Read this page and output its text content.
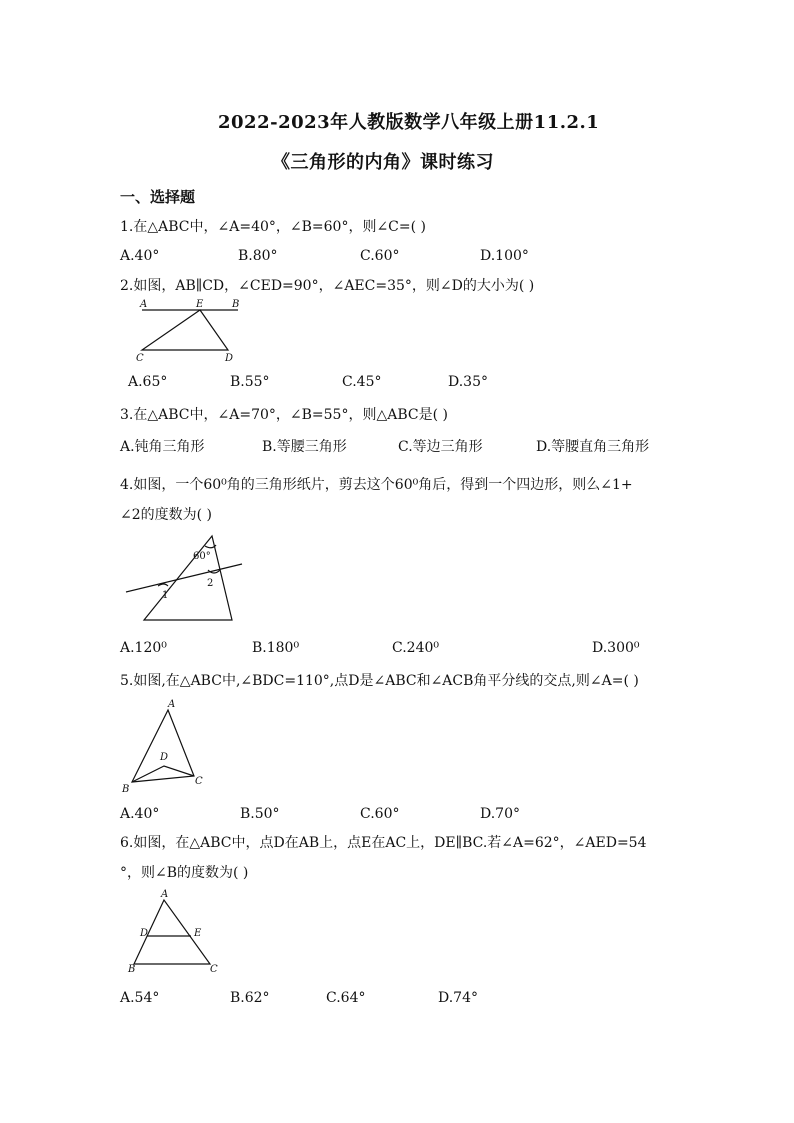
2022-2023年人教版数学八年级上册11.2.1
《三角形的内角》课时练习
一、选择题
1.在△ABC中，∠A=40°，∠B=60°，则∠C=( )
A.40°	B.80°	C.60°	D.100°
2.如图，AB∥CD，∠CED=90°，∠AEC=35°，则∠D的大小为( )
A	E	B
C	D
A.65°	B.55°	C.45°	D.35°
3.在△ABC中，∠A=70°，∠B=55°，则△ABC是( )
A.钝角三角形	B.等腰三角形	C.等边三角形	D.等腰直角三角形
4.如图，一个60⁰角的三角形纸片，剪去这个60⁰角后，得到一个四边形，则么∠1+
∠2的度数为( )
60°
1
2
A.120⁰	B.180⁰	C.240⁰	D.300⁰
5.如图,在△ABC中,∠BDC=110°,点D是∠ABC和∠ACB角平分线的交点,则∠A=( )
A
D
B
C
A.40°	B.50°	C.60°	D.70°
6.如图，在△ABC中，点D在AB上，点E在AC上，DE∥BC.若∠A=62°，∠AED=54
°，则∠B的度数为( )
A
D	E
B	C
A.54°	B.62°	C.64°	D.74°
